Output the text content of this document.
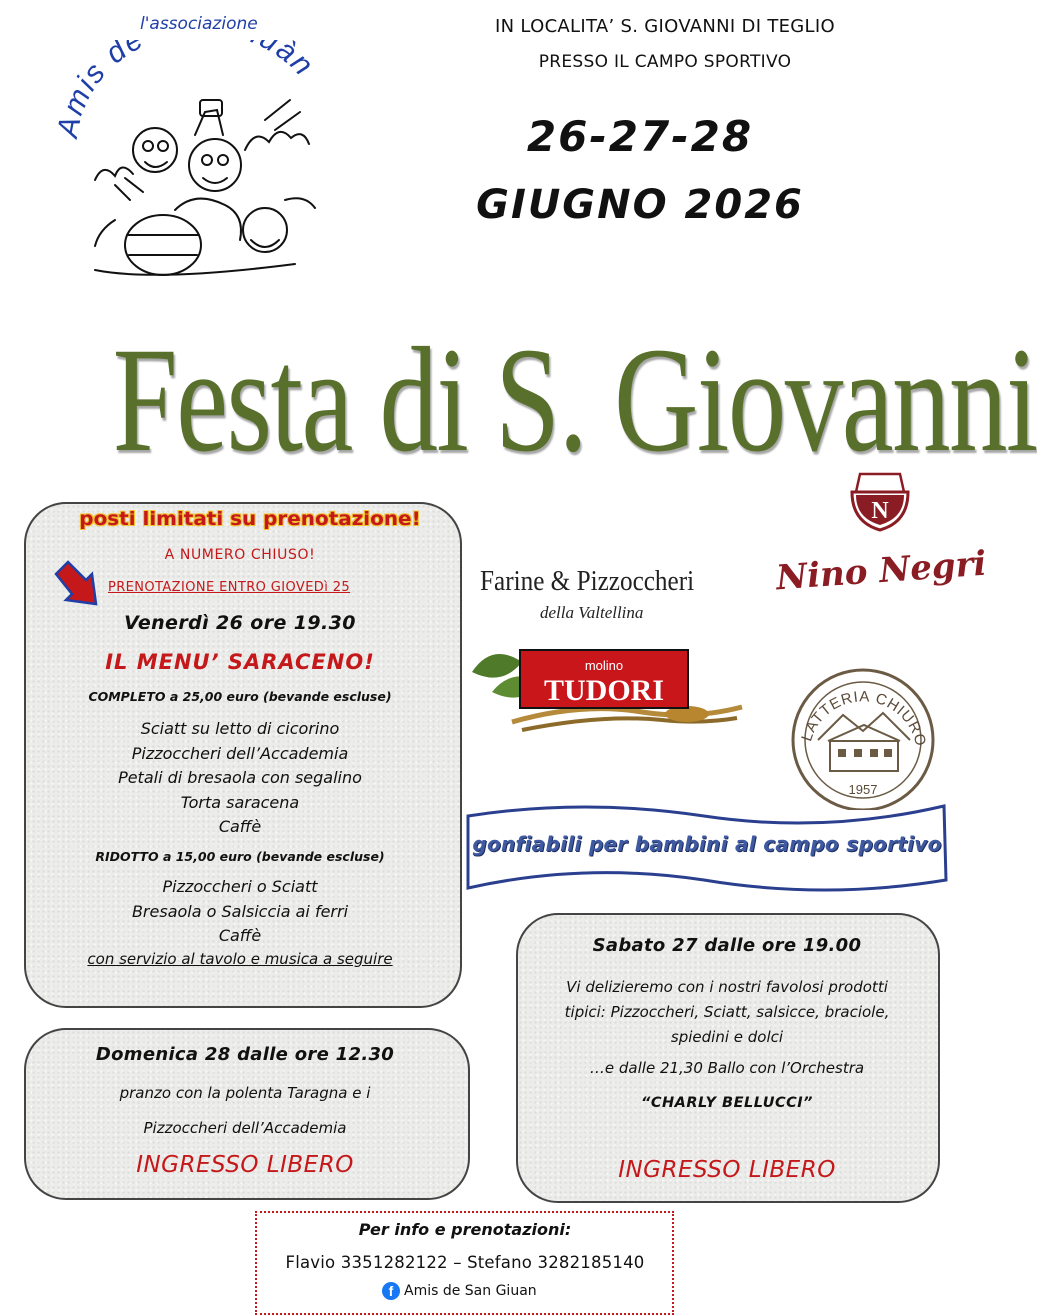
l'associazione
mis de uàn
IN LOCALITA’ S. GIOVANNI DI TEGLIO
PRESSO IL CAMPO SPORTIVO
26-27-28
GIUGNO 2026
Festa di S. Giovanni
posti limitati su prenotazione!
A NUMERO CHIUSO!
PRENOTAZIONE ENTRO GIOVEDì 25
Venerdì 26 ore 19.30
IL MENU’ SARACENO!
COMPLETO a 25,00 euro (bevande escluse)
Sciatt su letto di cicorino
Pizzoccheri dell’Accademia
Petali di bresaola con segalino
Torta saracena
Caffè
RIDOTTO a 15,00 euro (bevande escluse)
Pizzoccheri o Sciatt
Bresaola o Salsiccia ai ferri
Caffè
con servizio al tavolo e musica a seguire
Farine & Pizzoccheri
della Valtellina
molino
TUDORI
N
Nino Negri
LATTERIA CHIURO
1957
gonfiabili per bambini al campo sportivo
Sabato 27 dalle ore 19.00
Vi delizieremo con i nostri favolosi prodotti
tipici: Pizzoccheri, Sciatt, salsicce, braciole,
spiedini e dolci
…e dalle 21,30 Ballo con l’Orchestra
“CHARLY BELLUCCI”
INGRESSO LIBERO
Domenica 28 dalle ore 12.30
pranzo con la polenta Taragna e i
Pizzoccheri dell’Accademia
INGRESSO LIBERO
Per info e prenotazioni:
Flavio 3351282122 – Stefano 3282185140
f Amis de San Giuan
